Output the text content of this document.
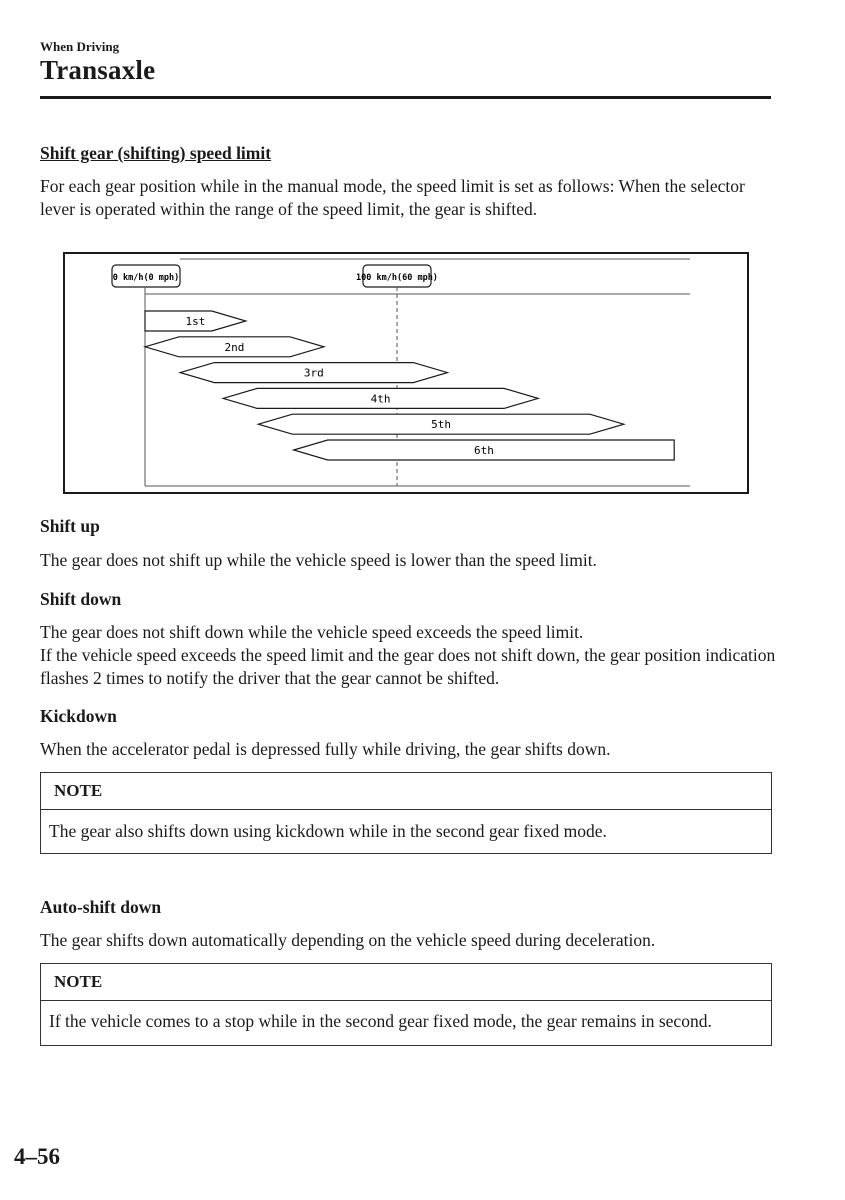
When Driving
Transaxle
Shift gear (shifting) speed limit
For each gear position while in the manual mode, the speed limit is set as follows: When the selector lever is operated within the range of the speed limit, the gear is shifted.
0 km/h(0 mph)	100 km/h(60 mph)
1st
2nd
3rd
4th
5th
6th
Shift up
The gear does not shift up while the vehicle speed is lower than the speed limit.
Shift down
The gear does not shift down while the vehicle speed exceeds the speed limit.
If the vehicle speed exceeds the speed limit and the gear does not shift down, the gear position indication flashes 2 times to notify the driver that the gear cannot be shifted.
Kickdown
When the accelerator pedal is depressed fully while driving, the gear shifts down.
NOTE
The gear also shifts down using kickdown while in the second gear fixed mode.
Auto-shift down
The gear shifts down automatically depending on the vehicle speed during deceleration.
NOTE
If the vehicle comes to a stop while in the second gear fixed mode, the gear remains in second.
4–56
